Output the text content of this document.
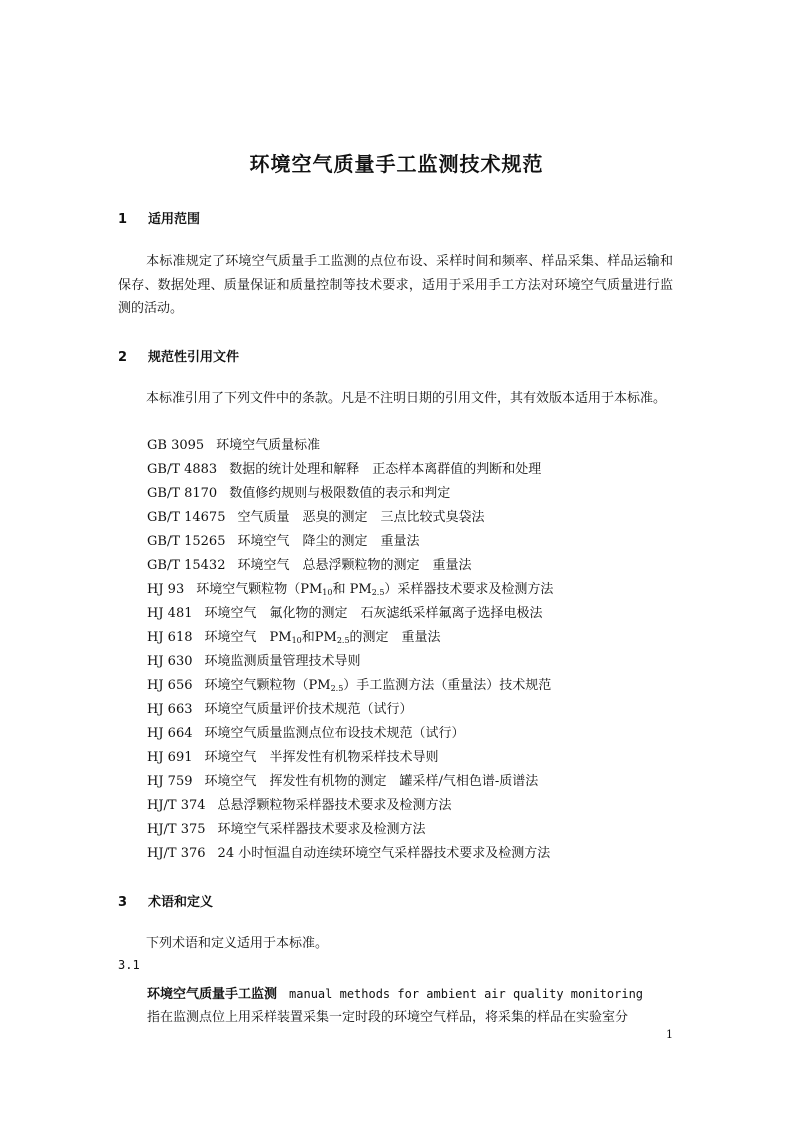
环境空气质量手工监测技术规范
1 适用范围
本标准规定了环境空气质量手工监测的点位布设、采样时间和频率、样品采集、样品运输和保存、数据处理、质量保证和质量控制等技术要求，适用于采用手工方法对环境空气质量进行监测的活动。
2 规范性引用文件
本标准引用了下列文件中的条款。凡是不注明日期的引用文件，其有效版本适用于本标准。
GB 3095 环境空气质量标准
GB/T 4883 数据的统计处理和解释　正态样本离群值的判断和处理
GB/T 8170 数值修约规则与极限数值的表示和判定
GB/T 14675 空气质量　恶臭的测定　三点比较式臭袋法
GB/T 15265 环境空气　降尘的测定　重量法
GB/T 15432 环境空气　总悬浮颗粒物的测定　重量法
HJ 93 环境空气颗粒物（$PM_{10}$和 $PM_{2.5}$）采样器技术要求及检测方法
HJ 481 环境空气　氟化物的测定　石灰滤纸采样氟离子选择电极法
HJ 618 环境空气　$PM_{10}$和$PM_{2.5}$的测定　重量法
HJ 630 环境监测质量管理技术导则
HJ 656 环境空气颗粒物$(PM_{2.5})$手工监测方法（重量法）技术规范
HJ 663 环境空气质量评价技术规范（试行）
HJ 664 环境空气质量监测点位布设技术规范（试行）
HJ 691 环境空气　半挥发性有机物采样技术导则
HJ 759 环境空气　挥发性有机物的测定　罐采样/气相色谱-质谱法
HJ/T 374 总悬浮颗粒物采样器技术要求及检测方法
HJ/T 375 环境空气采样器技术要求及检测方法
HJ/T 376 24 小时恒温自动连续环境空气采样器技术要求及检测方法
3 术语和定义
下列术语和定义适用于本标准。
3.1
环境空气质量手工监测 manual methods for ambient air quality monitoring
指在监测点位上用采样装置采集一定时段的环境空气样品，将采集的样品在实验室分
1
